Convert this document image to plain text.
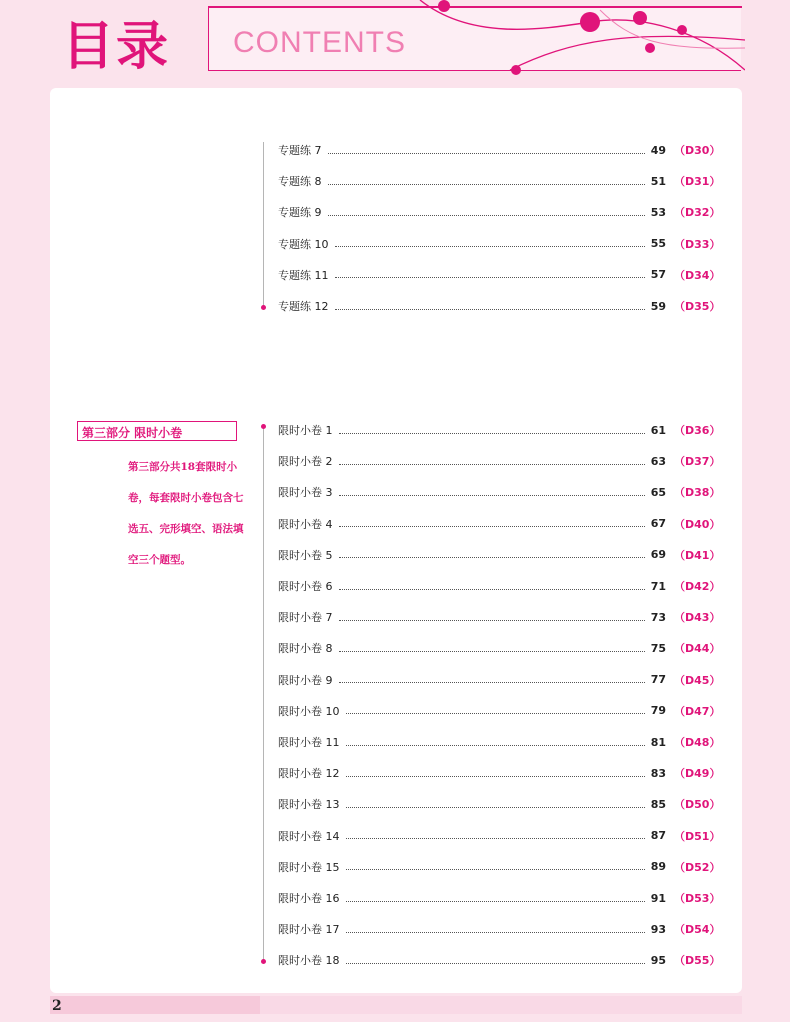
目录 CONTENTS
专题练 7	49 （D30）
专题练 8	51 （D31）
专题练 9	53 （D32）
专题练 10	55 （D33）
专题练 11	57 （D34）
专题练 12	59 （D35）
第三部分 限时小卷
第三部分共18套限时小卷，每套限时小卷包含七选五、完形填空、语法填空三个题型。
限时小卷 1	61 （D36）
限时小卷 2	63 （D37）
限时小卷 3	65 （D38）
限时小卷 4	67 （D40）
限时小卷 5	69 （D41）
限时小卷 6	71 （D42）
限时小卷 7	73 （D43）
限时小卷 8	75 （D44）
限时小卷 9	77 （D45）
限时小卷 10	79 （D47）
限时小卷 11	81 （D48）
限时小卷 12	83 （D49）
限时小卷 13	85 （D50）
限时小卷 14	87 （D51）
限时小卷 15	89 （D52）
限时小卷 16	91 （D53）
限时小卷 17	93 （D54）
限时小卷 18	95 （D55）
2
